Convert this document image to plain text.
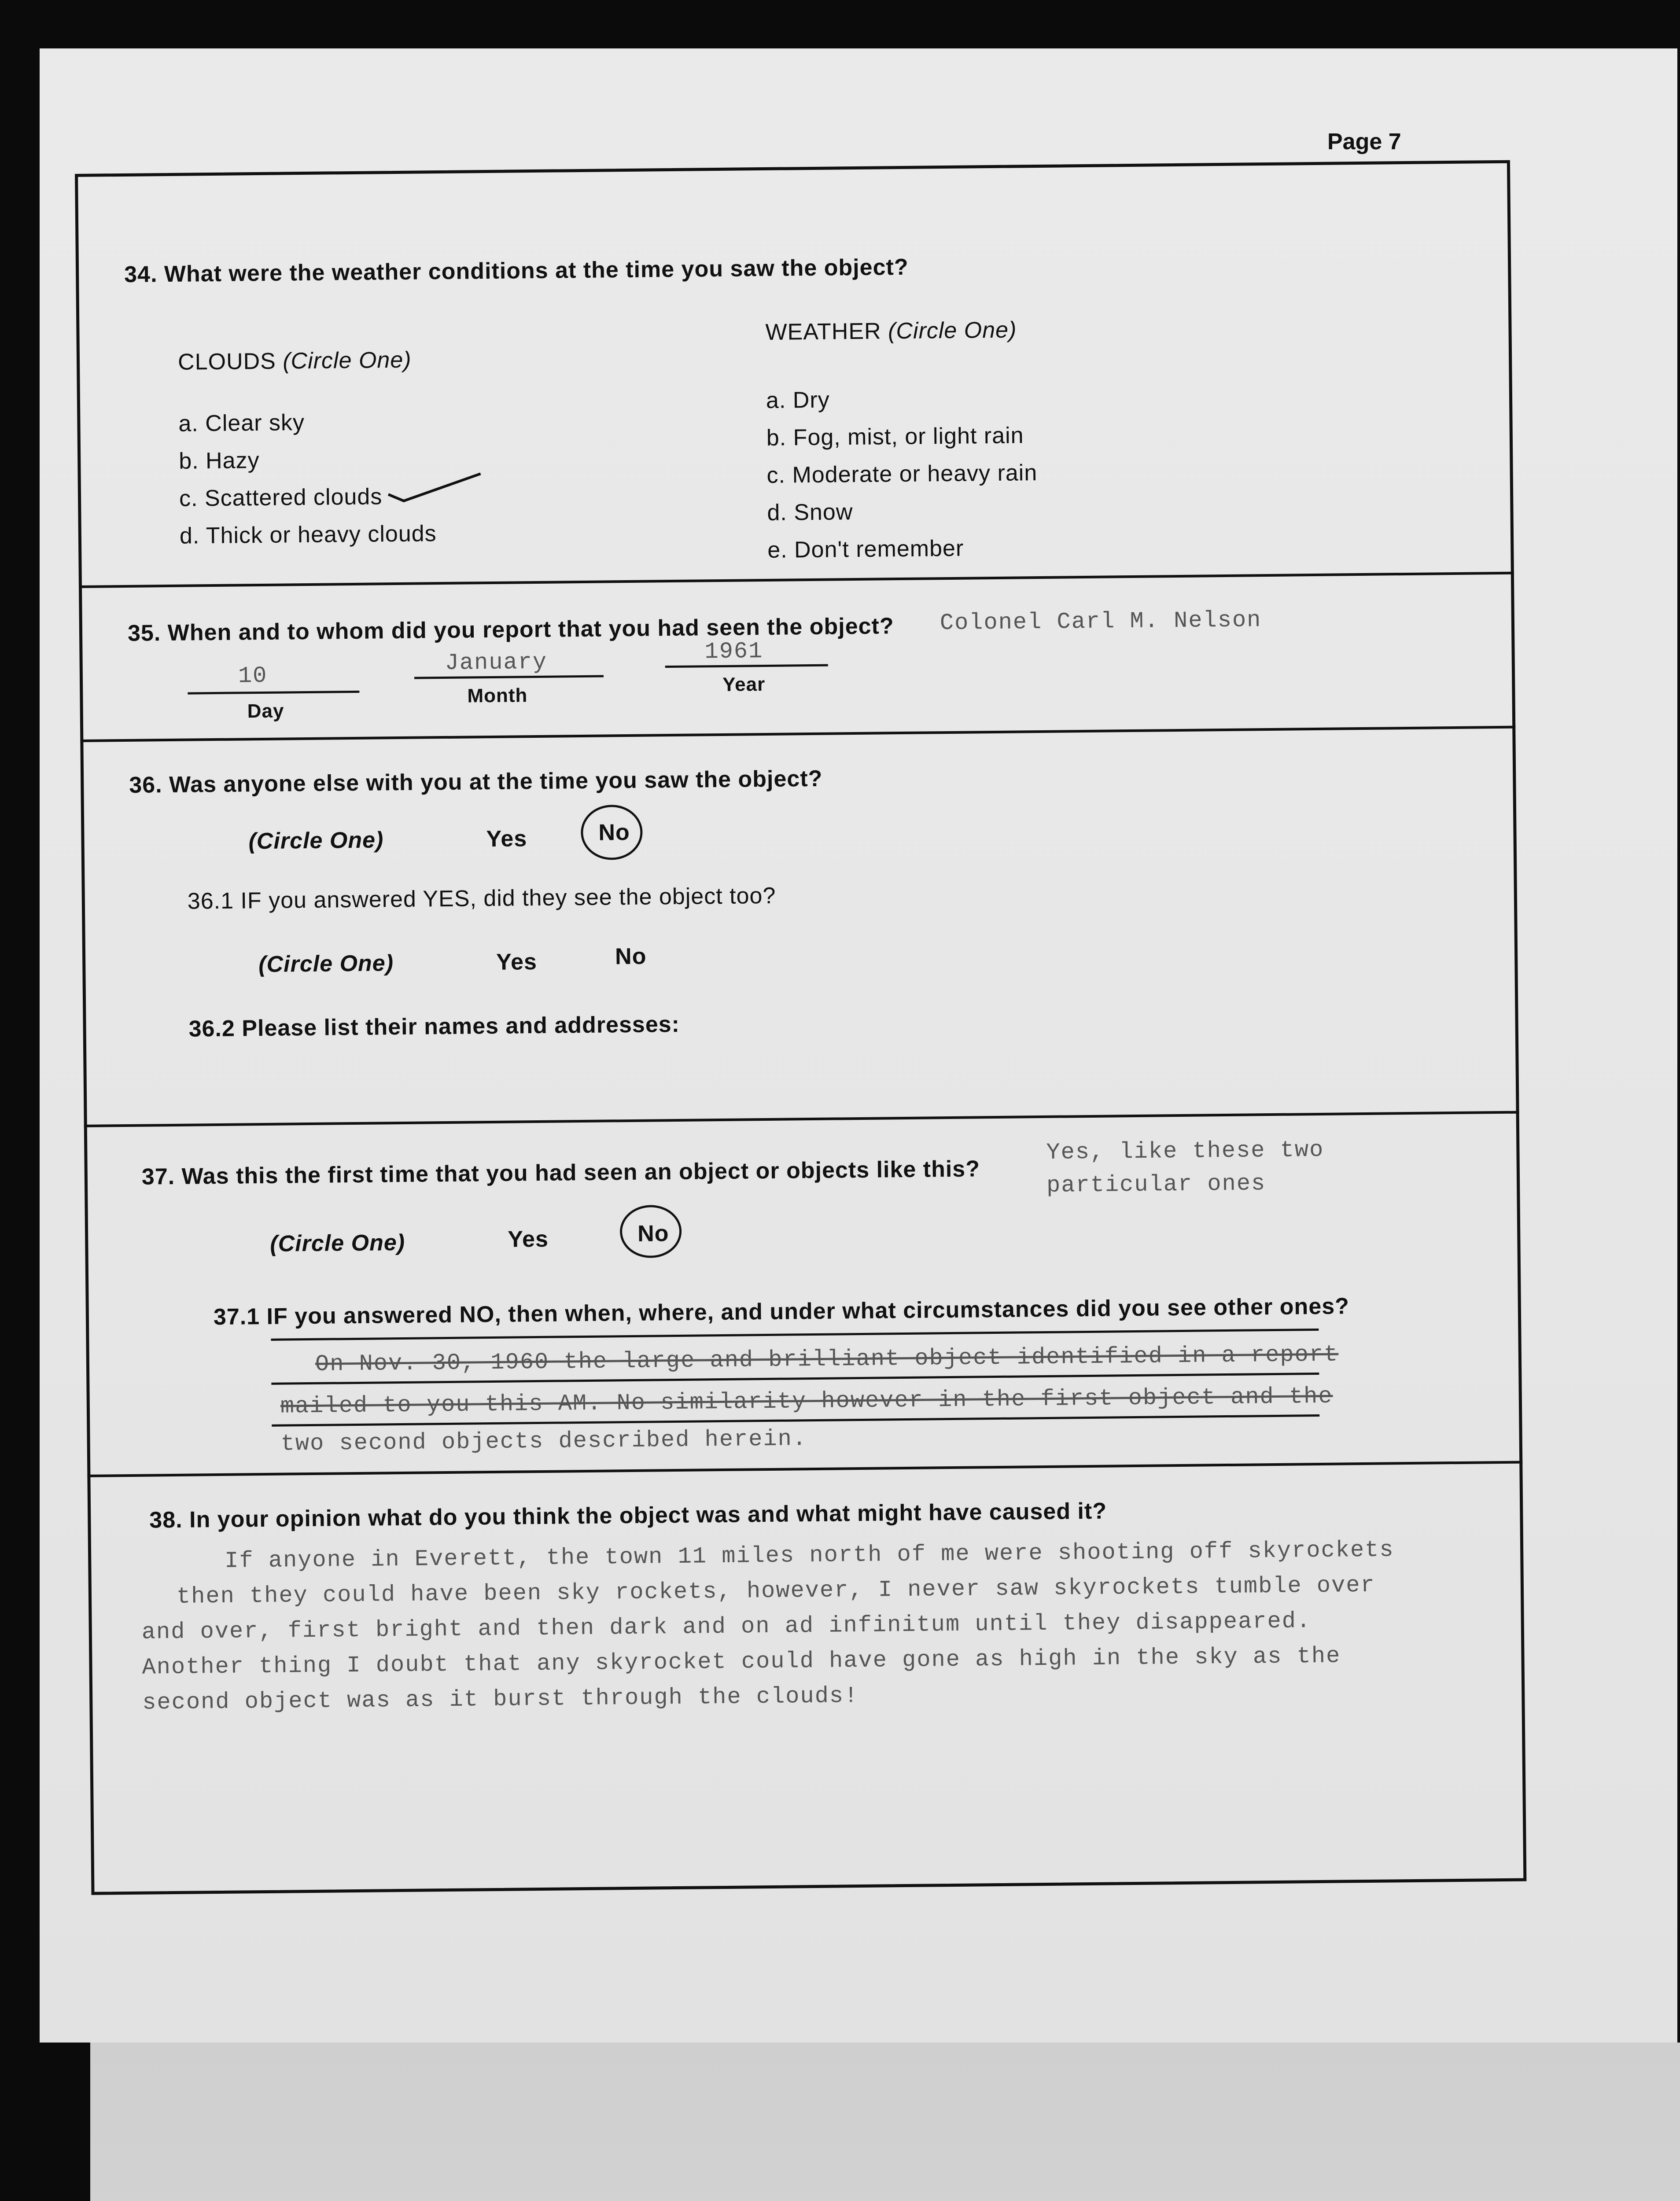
Page 7
34. What were the weather conditions at the time you saw the object?
CLOUDS (Circle One)
a. Clear sky
b. Hazy
c. Scattered clouds
d. Thick or heavy clouds
WEATHER (Circle One)
a. Dry
b. Fog, mist, or light rain
c. Moderate or heavy rain
d. Snow
e. Don't remember
35. When and to whom did you report that you had seen the object?
10
Day
January
Month
1961
Year
Colonel Carl M. Nelson
36. Was anyone else with you at the time you saw the object?
(Circle One)	Yes	No
36.1 IF you answered YES, did they see the object too?
(Circle One)	Yes	No
36.2 Please list their names and addresses:
37. Was this the first time that you had seen an object or objects like this?
Yes, like these two
particular ones
(Circle One)	Yes	No
37.1 IF you answered NO, then when, where, and under what circumstances did you see other ones?
On Nov. 30, 1960 the large and brilliant object identified in a report
mailed to you this AM. No similarity however in the first object and the
two second objects described herein.
38. In your opinion what do you think the object was and what might have caused it?
If anyone in Everett, the town 11 miles north of me were shooting off skyrockets
then they could have been sky rockets, however, I never saw skyrockets tumble over
and over, first bright and then dark and on ad infinitum until they disappeared.
Another thing I doubt that any skyrocket could have gone as high in the sky as the
second object was as it burst through the clouds!
